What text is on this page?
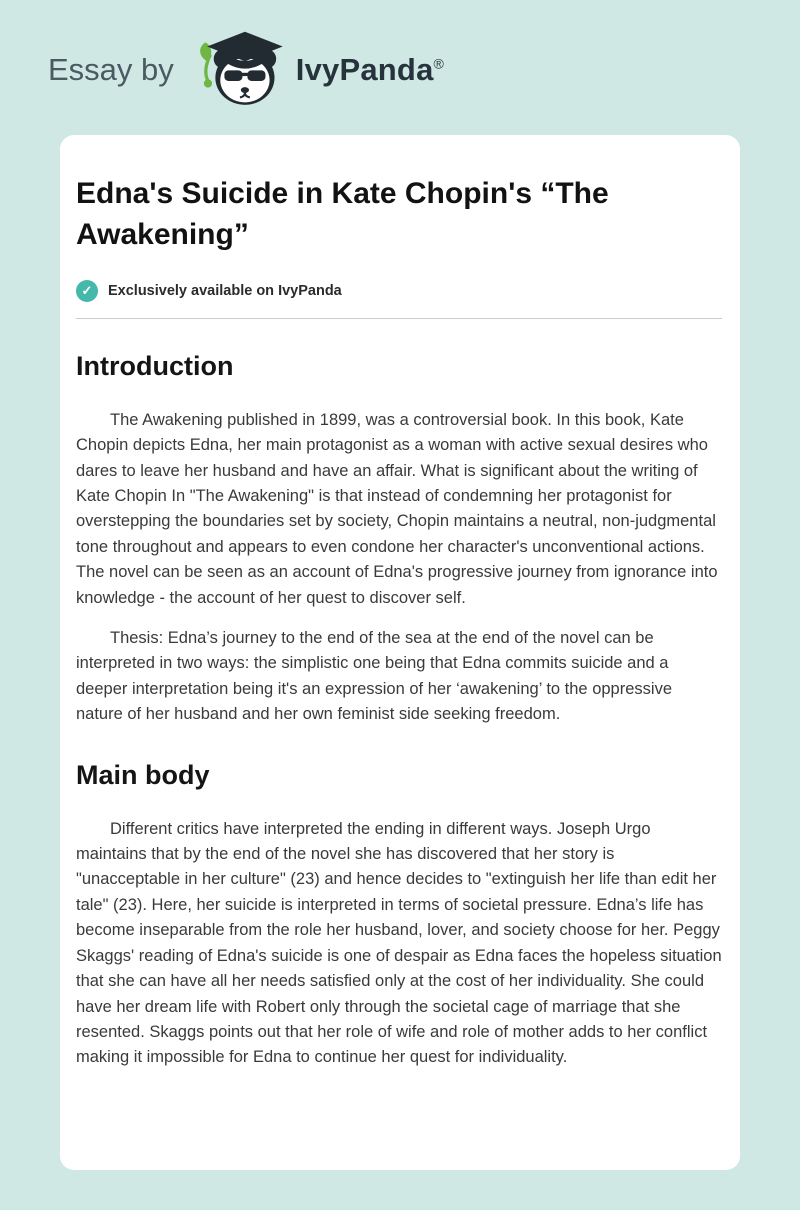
Essay by	IvyPanda®
Edna's Suicide in Kate Chopin's “The Awakening”
✓	Exclusively available on IvyPanda
Introduction

The Awakening published in 1899, was a controversial book. In this book, Kate Chopin depicts Edna, her main protagonist as a woman with active sexual desires who dares to leave her husband and have an affair. What is significant about the writing of Kate Chopin In "The Awakening" is that instead of condemning her protagonist for overstepping the boundaries set by society, Chopin maintains a neutral, non-judgmental tone throughout and appears to even condone her character's unconventional actions. The novel can be seen as an account of Edna's progressive journey from ignorance into knowledge - the account of her quest to discover self.

Thesis: Edna’s journey to the end of the sea at the end of the novel can be interpreted in two ways: the simplistic one being that Edna commits suicide and a deeper interpretation being it's an expression of her ‘awakening’ to the oppressive nature of her husband and her own feminist side seeking freedom.

Main body

Different critics have interpreted the ending in different ways. Joseph Urgo maintains that by the end of the novel she has discovered that her story is "unacceptable in her culture" (23) and hence decides to "extinguish her life than edit her tale" (23). Here, her suicide is interpreted in terms of societal pressure. Edna’s life has become inseparable from the role her husband, lover, and society choose for her. Peggy Skaggs' reading of Edna's suicide is one of despair as Edna faces the hopeless situation that she can have all her needs satisfied only at the cost of her individuality. She could have her dream life with Robert only through the societal cage of marriage that she resented. Skaggs points out that her role of wife and role of mother adds to her conflict making it impossible for Edna to continue her quest for individuality.
